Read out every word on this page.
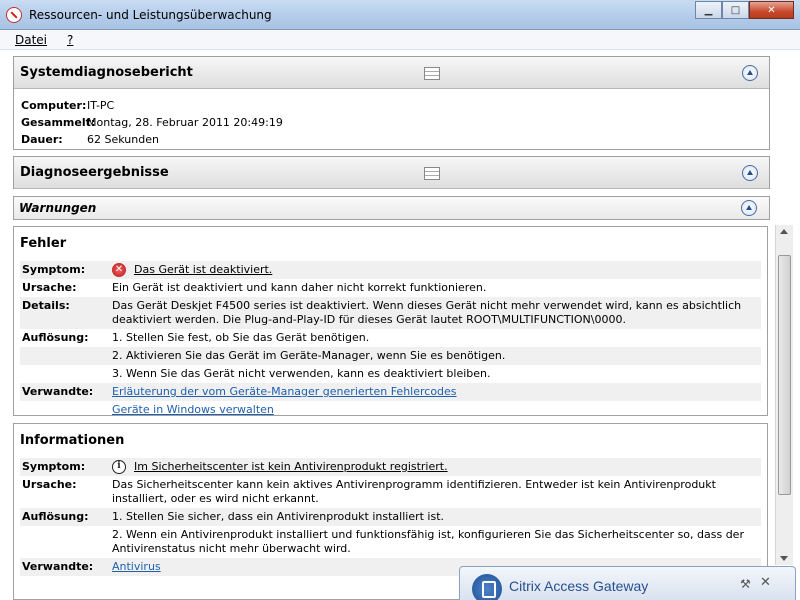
Ressourcen- und Leistungsüberwachung	▁	□	✕
Datei	?
Systemdiagnosebericht
Computer: IT-PC
Gesammelt:
Montag, 28. Februar 2011 20:49:19
Dauer:	62 Sekunden
Diagnoseergebnisse
Warnungen
Fehler
Symptom:	✕ Das Gerät ist deaktiviert.
Ursache:	Ein Gerät ist deaktiviert und kann daher nicht korrekt funktionieren.
Details:	Das Gerät Deskjet F4500 series ist deaktiviert. Wenn dieses Gerät nicht mehr verwendet wird, kann es absichtlich deaktiviert werden. Die Plug-and-Play-ID für dieses Gerät lautet ROOT\MULTIFUNCTION\0000.
Auflösung:	1. Stellen Sie fest, ob Sie das Gerät benötigen.
2. Aktivieren Sie das Gerät im Geräte-Manager, wenn Sie es benötigen.
3. Wenn Sie das Gerät nicht verwenden, kann es deaktiviert bleiben.
Verwandte:	Erläuterung der vom Geräte-Manager generierten Fehlercodes
Geräte in Windows verwalten
Informationen
Symptom:	i Im Sicherheitscenter ist kein Antivirenprodukt registriert.
Ursache:	Das Sicherheitscenter kann kein aktives Antivirenprogramm identifizieren. Entweder ist kein Antivirenprodukt installiert, oder es wird nicht erkannt.
Auflösung:	1. Stellen Sie sicher, dass ein Antivirenprodukt installiert ist.
2. Wenn ein Antivirenprodukt installiert und funktionsfähig ist, konfigurieren Sie das Sicherheitscenter so, dass der Antivirenstatus nicht mehr überwacht wird.
Verwandte:	Antivirus
Citrix Access Gateway	⚒ ✕
